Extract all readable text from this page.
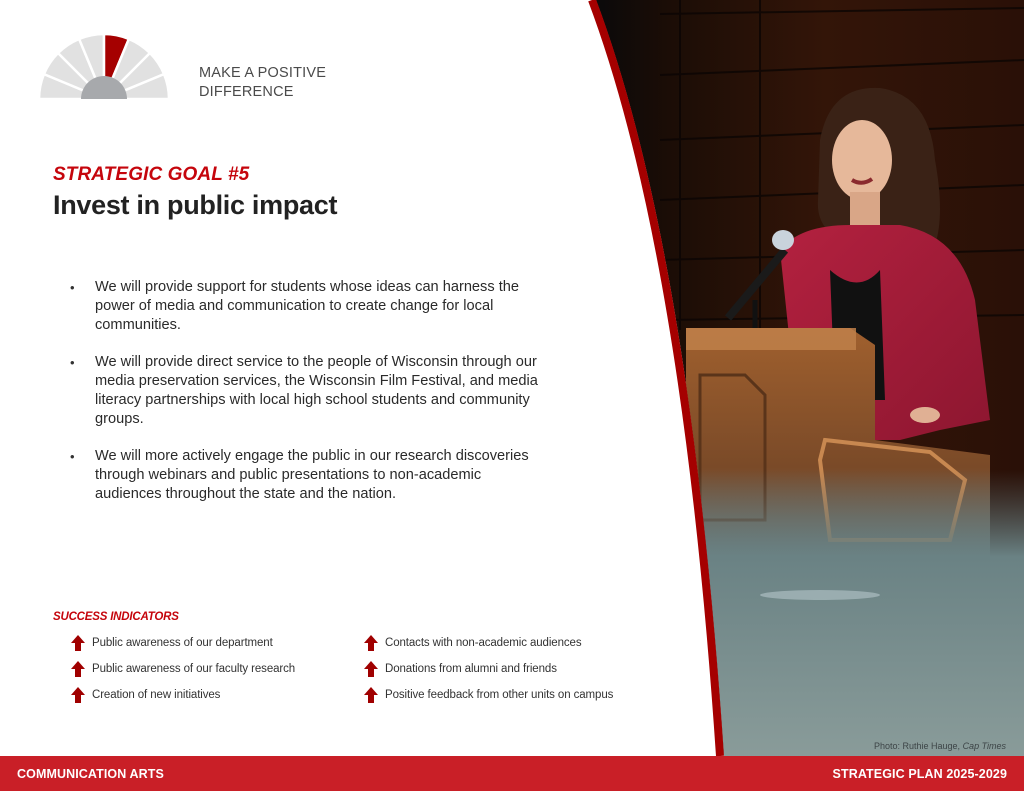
MAKE A POSITIVE
DIFFERENCE
STRATEGIC GOAL #5
Invest in public impact
• We will provide support for students whose ideas can harness the power of media and communication to create change for local communities.
• We will provide direct service to the people of Wisconsin through our media preservation services, the Wisconsin Film Festival, and media literacy partnerships with local high school students and community groups.
• We will more actively engage the public in our research discoveries through webinars and public presentations to non-academic audiences throughout the state and the nation.
SUCCESS INDICATORS
Public awareness of our department
Public awareness of our faculty research
Creation of new initiatives
Contacts with non-academic audiences
Donations from alumni and friends
Positive feedback from other units on campus
Photo: Ruthie Hauge, Cap Times
COMMUNICATION ARTS	STRATEGIC PLAN 2025-2029
